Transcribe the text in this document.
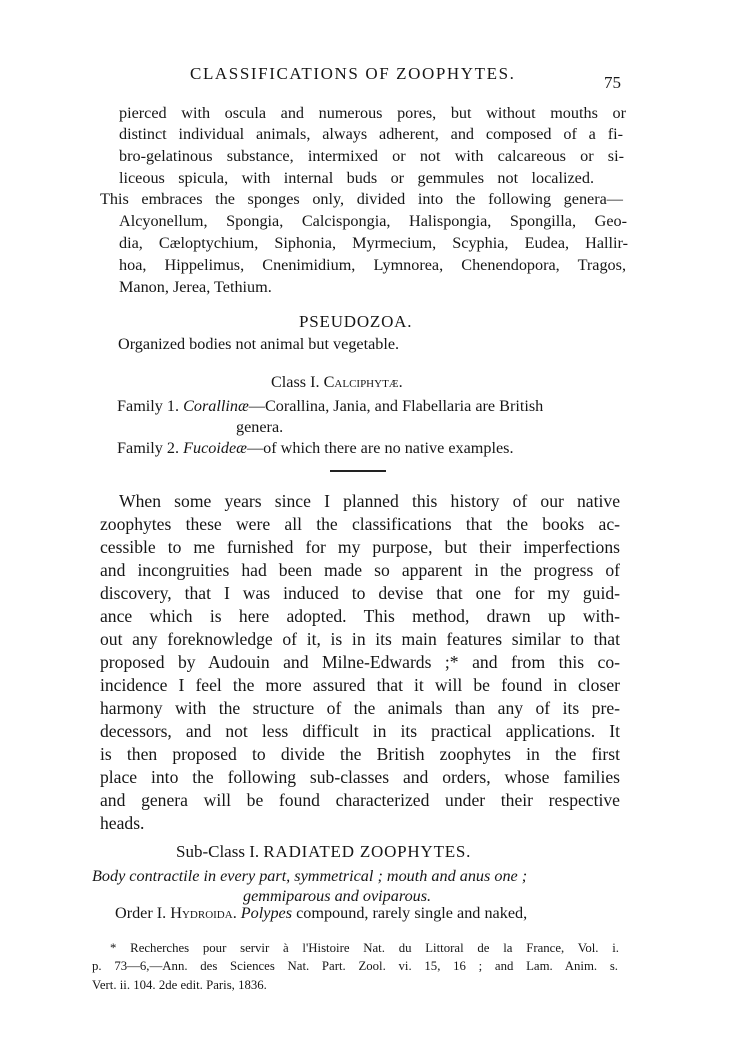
CLASSIFICATIONS OF ZOOPHYTES.	75
pierced with oscula and numerous pores, but without mouths or
distinct individual animals, always adherent, and composed of a fi-
bro-gelatinous substance, intermixed or not with calcareous or si-
liceous spicula, with internal buds or gemmules not localized.
This embraces the sponges only, divided into the following genera—
Alcyonellum, Spongia, Calcispongia, Halispongia, Spongilla, Geo-
dia, Cæloptychium, Siphonia, Myrmecium, Scyphia, Eudea, Hallir-
hoa, Hippelimus, Cnenimidium, Lymnorea, Chenendopora, Tragos,
Manon, Jerea, Tethium.
PSEUDOZOA.
Organized bodies not animal but vegetable.
Class I. Calciphytæ.
Family 1. Corallinæ—Corallina, Jania, and Flabellaria are British
genera.
Family 2. Fucoideæ—of which there are no native examples.
When some years since I planned this history of our native
zoophytes these were all the classifications that the books ac-
cessible to me furnished for my purpose, but their imperfections
and incongruities had been made so apparent in the progress of
discovery, that I was induced to devise that one for my guid-
ance which is here adopted. This method, drawn up with-
out any foreknowledge of it, is in its main features similar to that
proposed by Audouin and Milne-Edwards ;* and from this co-
incidence I feel the more assured that it will be found in closer
harmony with the structure of the animals than any of its pre-
decessors, and not less difficult in its practical applications. It
is then proposed to divide the British zoophytes in the first
place into the following sub-classes and orders, whose families
and genera will be found characterized under their respective
heads.
Sub-Class I. RADIATED ZOOPHYTES.
Body contractile in every part, symmetrical ; mouth and anus one ;
gemmiparous and oviparous.
Order I. Hydroida. Polypes compound, rarely single and naked,
* Recherches pour servir à l'Histoire Nat. du Littoral de la France, Vol. i.
p. 73—6,—Ann. des Sciences Nat. Part. Zool. vi. 15, 16 ; and Lam. Anim. s.
Vert. ii. 104. 2de edit. Paris, 1836.
